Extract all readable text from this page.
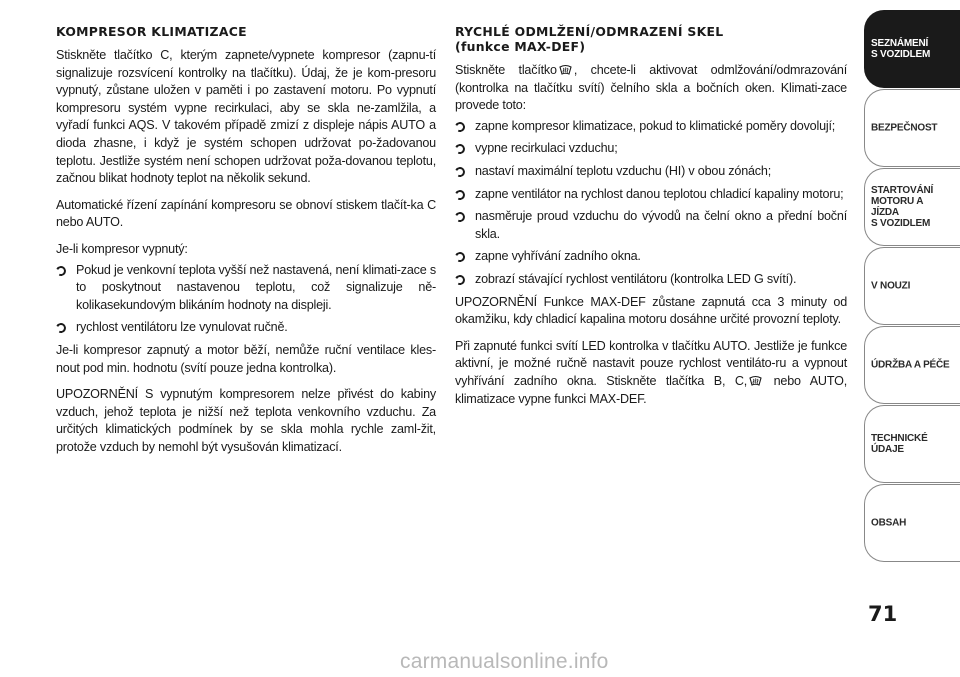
KOMPRESOR KLIMATIZACE

Stiskněte tlačítko C, kterým zapnete/vypnete kompresor (zapnu-tí signalizuje rozsvícení kontrolky na tlačítku). Údaj, že je kom-presoru vypnutý, zůstane uložen v paměti i po zastavení motoru. Po vypnutí kompresoru systém vypne recirkulaci, aby se skla ne-zamlžila, a vyřadí funkci AQS. V takovém případě zmizí z displeje nápis AUTO a dioda zhasne, i když je systém schopen udržovat po-žadovanou teplotu. Jestliže systém není schopen udržovat poža-dovanou teplotu, začnou blikat hodnoty teplot na několik sekund.

Automatické řízení zapínání kompresoru se obnoví stiskem tlačít-ka C nebo AUTO.

Je-li kompresor vypnutý:

Pokud je venkovní teplota vyšší než nastavená, není klimati-zace s to poskytnout nastavenou teplotu, což signalizuje ně-kolikasekundovým blikáním hodnoty na displeji.
rychlost ventilátoru lze vynulovat ručně.

Je-li kompresor zapnutý a motor běží, nemůže ruční ventilace kles-nout pod min. hodnotu (svítí pouze jedna kontrolka).

UPOZORNĚNÍ S vypnutým kompresorem nelze přivést do kabiny vzduch, jehož teplota je nižší než teplota venkovního vzduchu. Za určitých klimatických podmínek by se skla mohla rychle zaml-žit, protože vzduch by nemohl být vysušován klimatizací.

RYCHLÉ ODMLŽENÍ/ODMRAZENÍ SKEL
(funkce MAX-DEF)

Stiskněte tlačítko , chcete-li aktivovat odmlžování/odmrazování (kontrolka na tlačítku svítí) čelního skla a bočních oken. Klimati-zace provede toto:

zapne kompresor klimatizace, pokud to klimatické poměry dovolují;
vypne recirkulaci vzduchu;
nastaví maximální teplotu vzduchu (HI) v obou zónách;
zapne ventilátor na rychlost danou teplotou chladicí kapaliny motoru;
nasměruje proud vzduchu do vývodů na čelní okno a přední boční skla.
zapne vyhřívání zadního okna.
zobrazí stávající rychlost ventilátoru (kontrolka LED G svítí).

UPOZORNĚNÍ Funkce MAX-DEF zůstane zapnutá cca 3 minuty od okamžiku, kdy chladicí kapalina motoru dosáhne určité provozní teploty.

Při zapnuté funkci svítí LED kontrolka v tlačítku AUTO. Jestliže je funkce aktivní, je možné ručně nastavit pouze rychlost ventiláto-ru a vypnout vyhřívání zadního okna. Stiskněte tlačítka B, C, nebo AUTO, klimatizace vypne funkci MAX-DEF.

SEZNÁMENÍ
S VOZIDLEM
BEZPEČNOST
STARTOVÁNÍ
MOTORU A JÍZDA
S VOZIDLEM
V NOUZI
ÚDRŽBA A PÉČE
TECHNICKÉ
ÚDAJE
OBSAH
71
carmanualsonline.info
